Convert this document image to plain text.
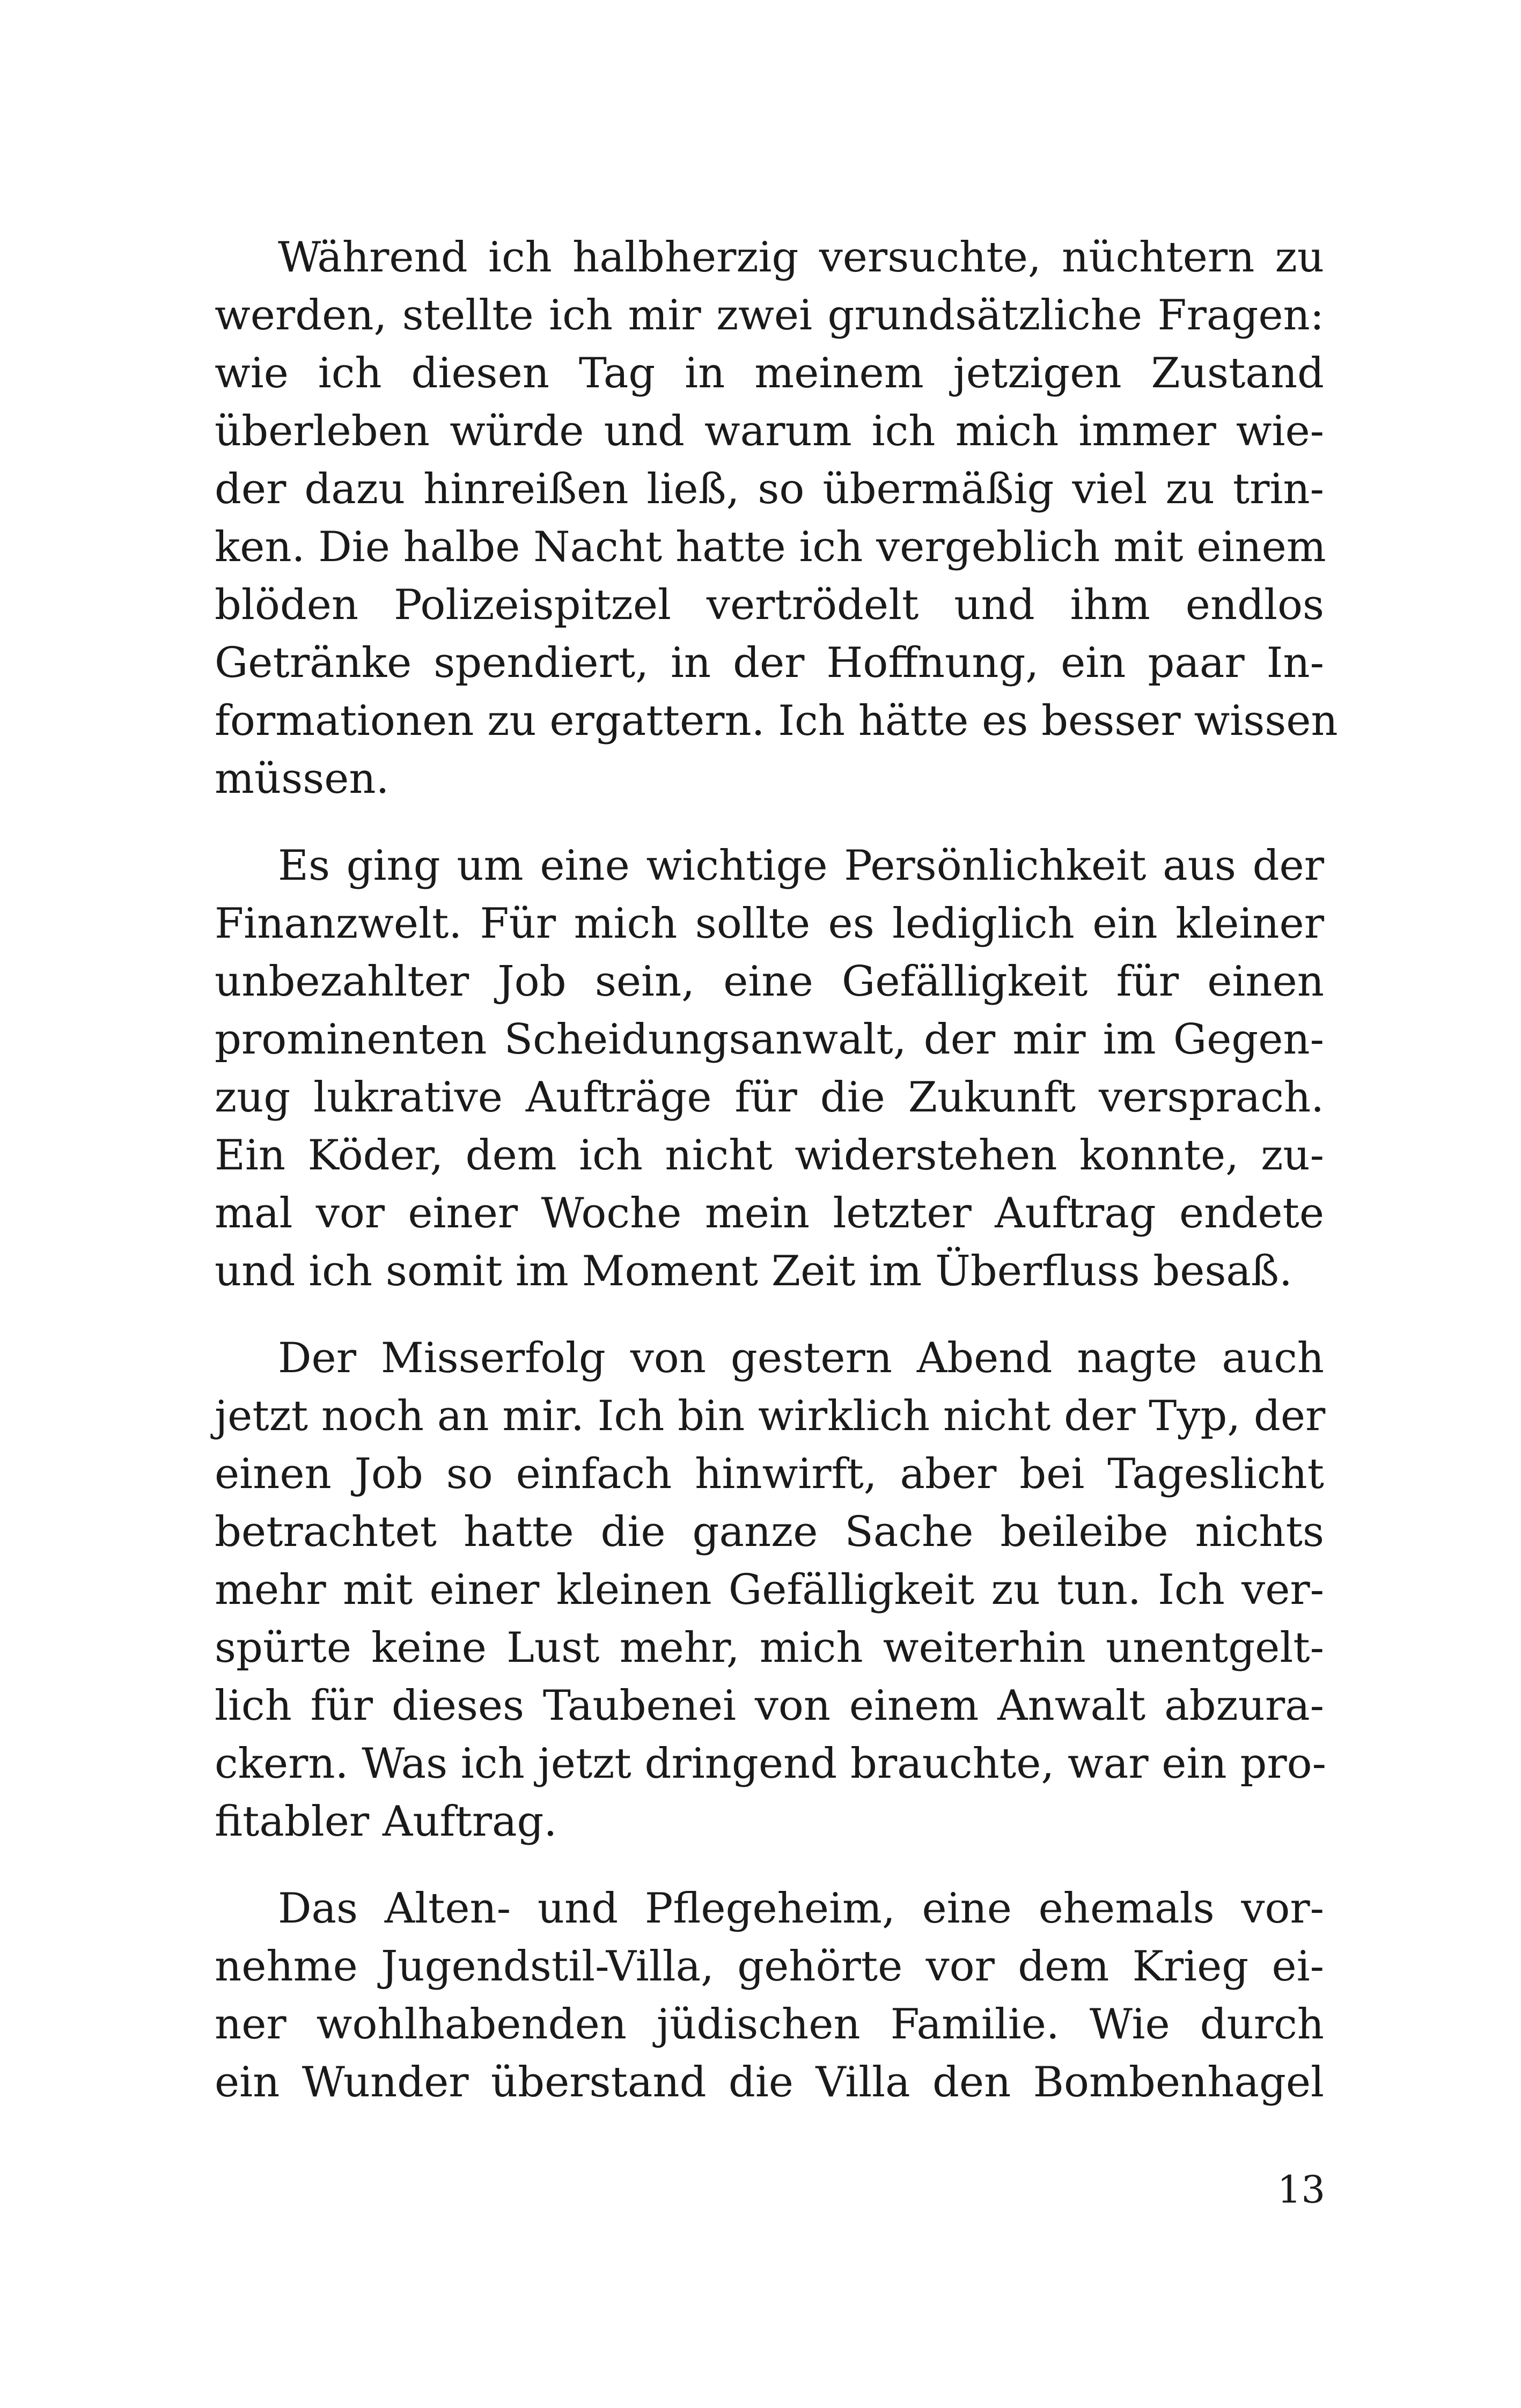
Während ich halbherzig versuchte, nüchtern zu
werden, stellte ich mir zwei grundsätzliche Fragen:
wie ich diesen Tag in meinem jetzigen Zustand
überleben würde und warum ich mich immer wie-
der dazu hinreißen ließ, so übermäßig viel zu trin-
ken. Die halbe Nacht hatte ich vergeblich mit einem
blöden Polizeispitzel vertrödelt und ihm endlos
Getränke spendiert, in der Hoffnung, ein paar In-
formationen zu ergattern. Ich hätte es besser wissen
müssen.
Es ging um eine wichtige Persönlichkeit aus der
Finanzwelt. Für mich sollte es lediglich ein kleiner
unbezahlter Job sein, eine Gefälligkeit für einen
prominenten Scheidungsanwalt, der mir im Gegen-
zug lukrative Aufträge für die Zukunft versprach.
Ein Köder, dem ich nicht widerstehen konnte, zu-
mal vor einer Woche mein letzter Auftrag endete
und ich somit im Moment Zeit im Überfluss besaß.
Der Misserfolg von gestern Abend nagte auch
jetzt noch an mir. Ich bin wirklich nicht der Typ, der
einen Job so einfach hinwirft, aber bei Tageslicht
betrachtet hatte die ganze Sache beileibe nichts
mehr mit einer kleinen Gefälligkeit zu tun. Ich ver-
spürte keine Lust mehr, mich weiterhin unentgelt-
lich für dieses Taubenei von einem Anwalt abzura-
ckern. Was ich jetzt dringend brauchte, war ein pro-
fitabler Auftrag.
Das Alten- und Pflegeheim, eine ehemals vor-
nehme Jugendstil-Villa, gehörte vor dem Krieg ei-
ner wohlhabenden jüdischen Familie. Wie durch
ein Wunder überstand die Villa den Bombenhagel
13
